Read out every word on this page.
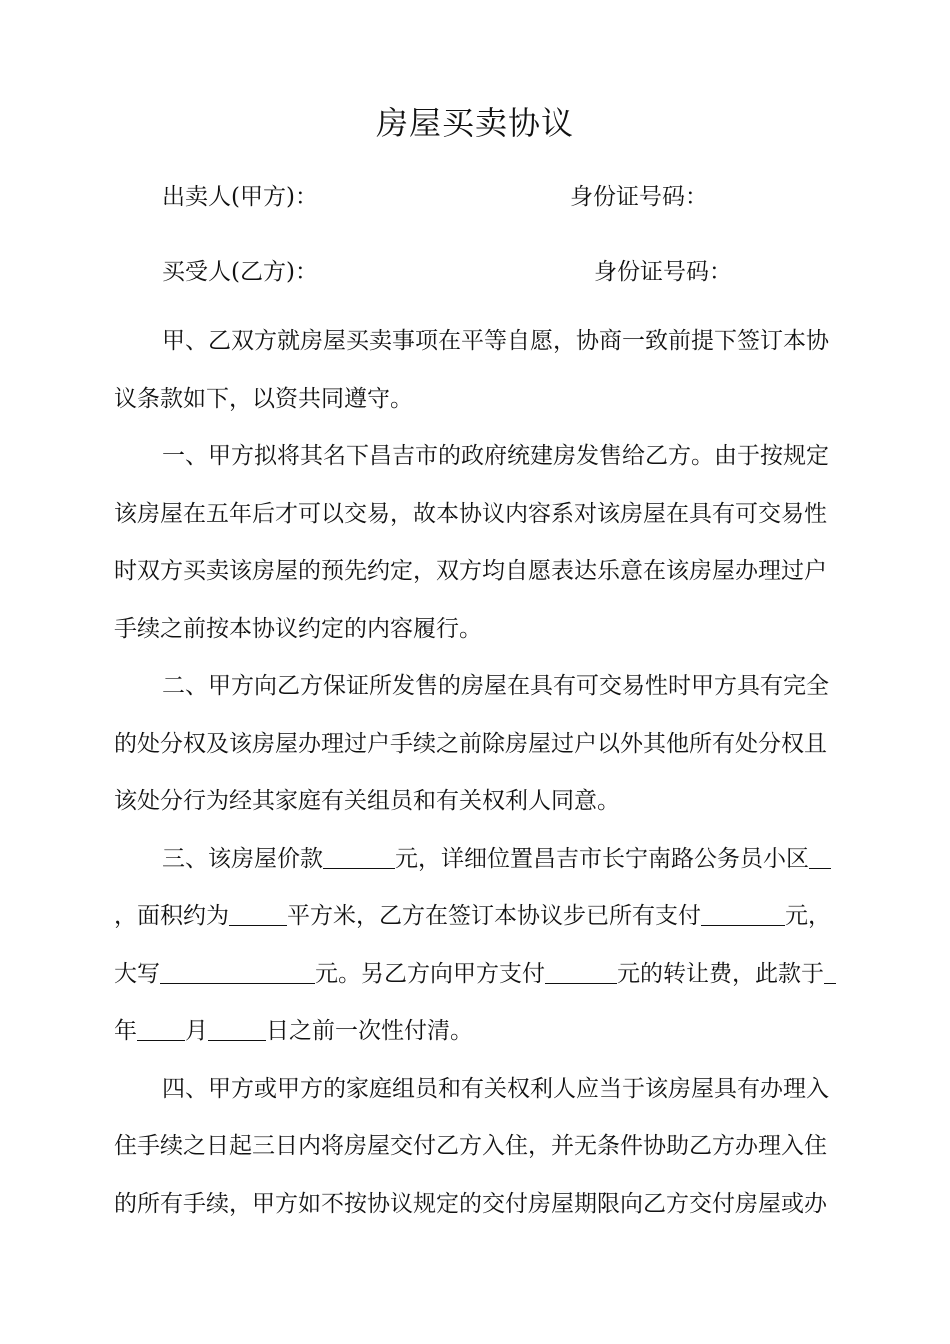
房屋买卖协议
出卖人(甲方)：	身份证号码：
买受人(乙方)：	身份证号码：
甲、乙双方就房屋买卖事项在平等自愿，协商一致前提下签订本协
议条款如下，以资共同遵守。
一、甲方拟将其名下昌吉市的政府统建房发售给乙方。由于按规定
该房屋在五年后才可以交易，故本协议内容系对该房屋在具有可交易性
时双方买卖该房屋的预先约定，双方均自愿表达乐意在该房屋办理过户
手续之前按本协议约定的内容履行。
二、甲方向乙方保证所发售的房屋在具有可交易性时甲方具有完全
的处分权及该房屋办理过户手续之前除房屋过户以外其他所有处分权且
该处分行为经其家庭有关组员和有关权利人同意。
三、该房屋价款	元，详细位置昌吉市长宁南路公务员小区
，面积约为	平方米，乙方在签订本协议步已所有支付	元，
大写	元。另乙方向甲方支付	元的转让费，此款于
年 月	日之前一次性付清。
四、甲方或甲方的家庭组员和有关权利人应当于该房屋具有办理入
住手续之日起三日内将房屋交付乙方入住，并无条件协助乙方办理入住
的所有手续，甲方如不按协议规定的交付房屋期限向乙方交付房屋或办
